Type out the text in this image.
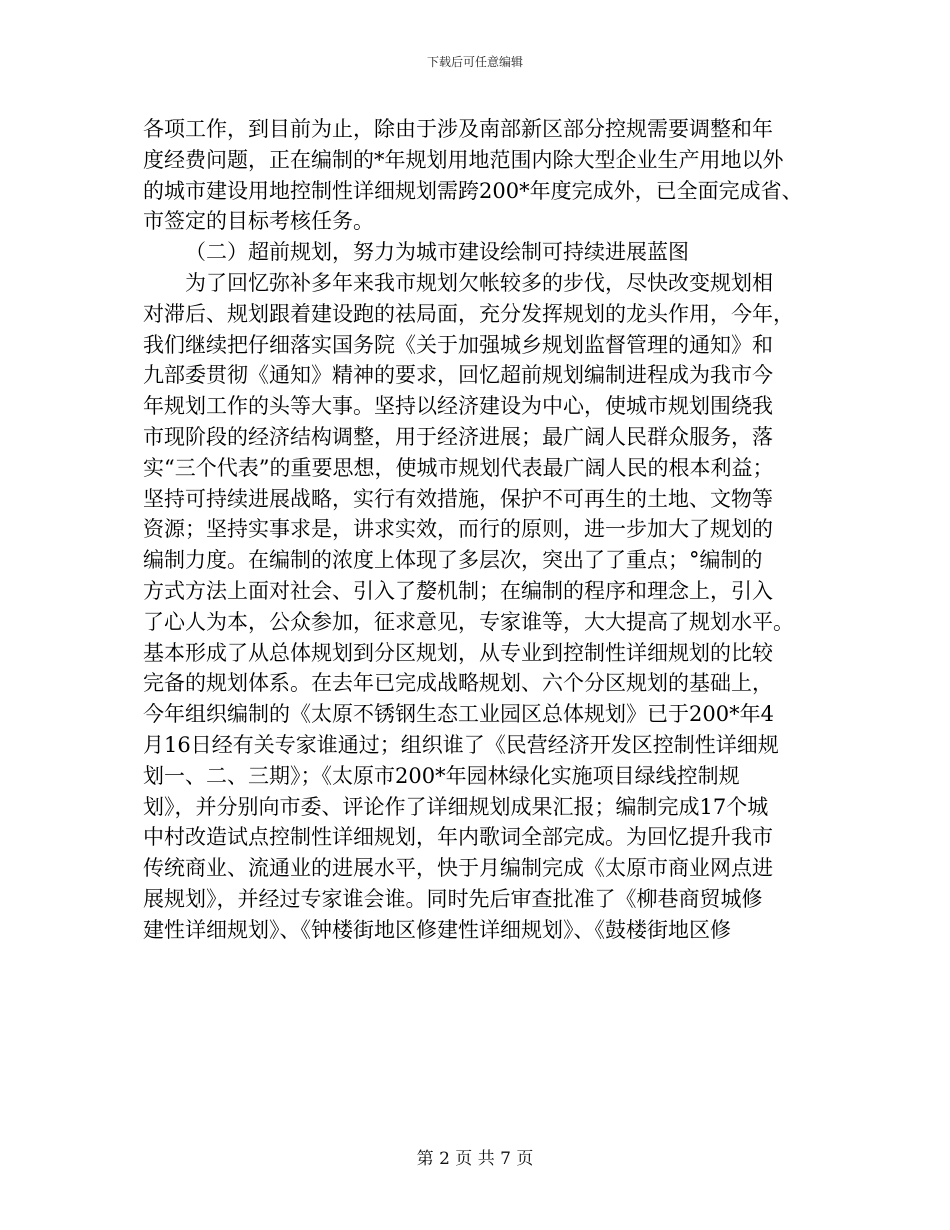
下载后可任意编辑
各项工作，到目前为止，除由于涉及南部新区部分控规需要调整和年
度经费问题，正在编制的*年规划用地范围内除大型企业生产用地以外
的城市建设用地控制性详细规划需跨200*年度完成外，已全面完成省、
市签定的目标考核任务。
（二）超前规划，努力为城市建设绘制可持续进展蓝图
为了回忆弥补多年来我市规划欠帐较多的步伐，尽快改变规划相
对滞后、规划跟着建设跑的祛局面，充分发挥规划的龙头作用，今年，
我们继续把仔细落实国务院《关于加强城乡规划监督管理的通知》和
九部委贯彻《通知》精神的要求，回忆超前规划编制进程成为我市今
年规划工作的头等大事。坚持以经济建设为中心，使城市规划围绕我
市现阶段的经济结构调整，用于经济进展；最广阔人民群众服务，落
实“三个代表”的重要思想，使城市规划代表最广阔人民的根本利益；
坚持可持续进展战略，实行有效措施，保护不可再生的土地、文物等
资源；坚持实事求是，讲求实效，而行的原则，进一步加大了规划的
编制力度。在编制的浓度上体现了多层次，突出了了重点；°编制的
方式方法上面对社会、引入了嫠机制；在编制的程序和理念上，引入
了心人为本，公众参加，征求意见，专家谁等，大大提高了规划水平。
基本形成了从总体规划到分区规划，从专业到控制性详细规划的比较
完备的规划体系。在去年已完成战略规划、六个分区规划的基础上，
今年组织编制的《太原不锈钢生态工业园区总体规划》已于200*年4
月16日经有关专家谁通过；组织谁了《民营经济开发区控制性详细规
划一、二、三期》；《太原市200*年园林绿化实施项目绿线控制规
划》，并分别向市委、评论作了详细规划成果汇报；编制完成17个城
中村改造试点控制性详细规划，年内歌词全部完成。为回忆提升我市
传统商业、流通业的进展水平，快于月编制完成《太原市商业网点进
展规划》，并经过专家谁会谁。同时先后审查批准了《柳巷商贸城修
建性详细规划》、《钟楼街地区修建性详细规划》、《鼓楼街地区修
第 2 页 共 7 页
